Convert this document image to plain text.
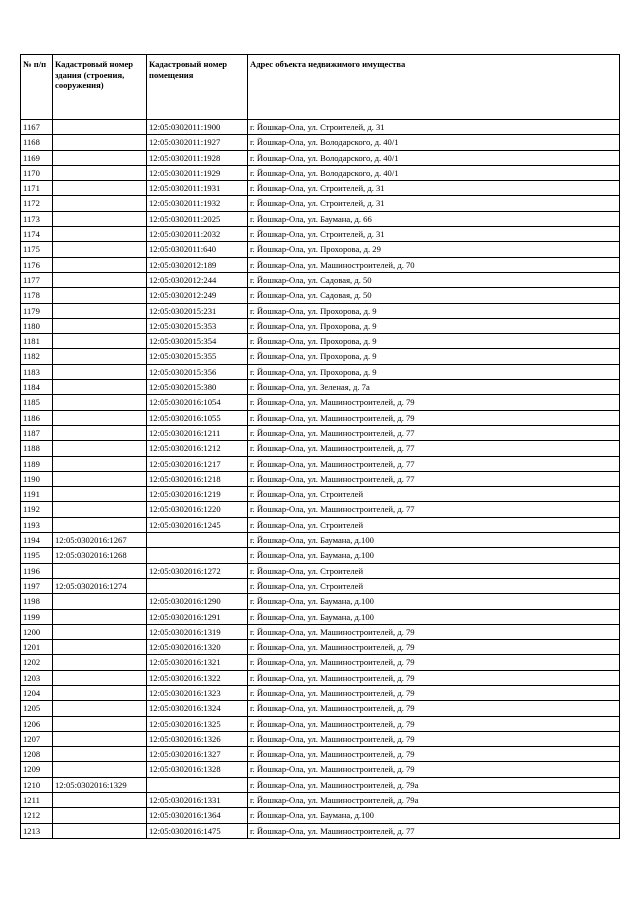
№ п/п	Кадастровый номер здания (строения, сооружения)	Кадастровый номер помещения	Адрес объекта недвижимого имущества
1167		12:05:0302011:1900	г. Йошкар-Ола, ул. Строителей, д. 31
1168		12:05:0302011:1927	г. Йошкар-Ола, ул. Володарского, д. 40/1
1169		12:05:0302011:1928	г. Йошкар-Ола, ул. Володарского, д. 40/1
1170		12:05:0302011:1929	г. Йошкар-Ола, ул. Володарского, д. 40/1
1171		12:05:0302011:1931	г. Йошкар-Ола, ул. Строителей, д. 31
1172		12:05:0302011:1932	г. Йошкар-Ола, ул. Строителей, д. 31
1173		12:05:0302011:2025	г. Йошкар-Ола, ул. Баумана, д. 66
1174		12:05:0302011:2032	г. Йошкар-Ола, ул. Строителей, д. 31
1175		12:05:0302011:640	г. Йошкар-Ола, ул. Прохорова, д. 29
1176		12:05:0302012:189	г. Йошкар-Ола, ул. Машиностроителей, д. 70
1177		12:05:0302012:244	г. Йошкар-Ола, ул. Садовая, д. 50
1178		12:05:0302012:249	г. Йошкар-Ола, ул. Садовая, д. 50
1179		12:05:0302015:231	г. Йошкар-Ола, ул. Прохорова, д. 9
1180		12:05:0302015:353	г. Йошкар-Ола, ул. Прохорова, д. 9
1181		12:05:0302015:354	г. Йошкар-Ола, ул. Прохорова, д. 9
1182		12:05:0302015:355	г. Йошкар-Ола, ул. Прохорова, д. 9
1183		12:05:0302015:356	г. Йошкар-Ола, ул. Прохорова, д. 9
1184		12:05:0302015:380	г. Йошкар-Ола, ул. Зеленая, д. 7а
1185		12:05:0302016:1054	г. Йошкар-Ола, ул. Машиностроителей, д. 79
1186		12:05:0302016:1055	г. Йошкар-Ола, ул. Машиностроителей, д. 79
1187		12:05:0302016:1211	г. Йошкар-Ола, ул. Машиностроителей, д. 77
1188		12:05:0302016:1212	г. Йошкар-Ола, ул. Машиностроителей, д. 77
1189		12:05:0302016:1217	г. Йошкар-Ола, ул. Машиностроителей, д. 77
1190		12:05:0302016:1218	г. Йошкар-Ола, ул. Машиностроителей, д. 77
1191		12:05:0302016:1219	г. Йошкар-Ола, ул. Строителей
1192		12:05:0302016:1220	г. Йошкар-Ола, ул. Машиностроителей, д. 77
1193		12:05:0302016:1245	г. Йошкар-Ола, ул. Строителей
1194	12:05:0302016:1267		г. Йошкар-Ола, ул. Баумана, д.100
1195	12:05:0302016:1268		г. Йошкар-Ола, ул. Баумана, д.100
1196		12:05:0302016:1272	г. Йошкар-Ола, ул. Строителей
1197	12:05:0302016:1274		г. Йошкар-Ола, ул. Строителей
1198		12:05:0302016:1290	г. Йошкар-Ола, ул. Баумана, д.100
1199		12:05:0302016:1291	г. Йошкар-Ола, ул. Баумана, д.100
1200		12:05:0302016:1319	г. Йошкар-Ола, ул. Машиностроителей, д. 79
1201		12:05:0302016:1320	г. Йошкар-Ола, ул. Машиностроителей, д. 79
1202		12:05:0302016:1321	г. Йошкар-Ола, ул. Машиностроителей, д. 79
1203		12:05:0302016:1322	г. Йошкар-Ола, ул. Машиностроителей, д. 79
1204		12:05:0302016:1323	г. Йошкар-Ола, ул. Машиностроителей, д. 79
1205		12:05:0302016:1324	г. Йошкар-Ола, ул. Машиностроителей, д. 79
1206		12:05:0302016:1325	г. Йошкар-Ола, ул. Машиностроителей, д. 79
1207		12:05:0302016:1326	г. Йошкар-Ола, ул. Машиностроителей, д. 79
1208		12:05:0302016:1327	г. Йошкар-Ола, ул. Машиностроителей, д. 79
1209		12:05:0302016:1328	г. Йошкар-Ола, ул. Машиностроителей, д. 79
1210	12:05:0302016:1329		г. Йошкар-Ола, ул. Машиностроителей, д. 79а
1211		12:05:0302016:1331	г. Йошкар-Ола, ул. Машиностроителей, д. 79а
1212		12:05:0302016:1364	г. Йошкар-Ола, ул. Баумана, д.100
1213		12:05:0302016:1475	г. Йошкар-Ола, ул. Машиностроителей, д. 77
